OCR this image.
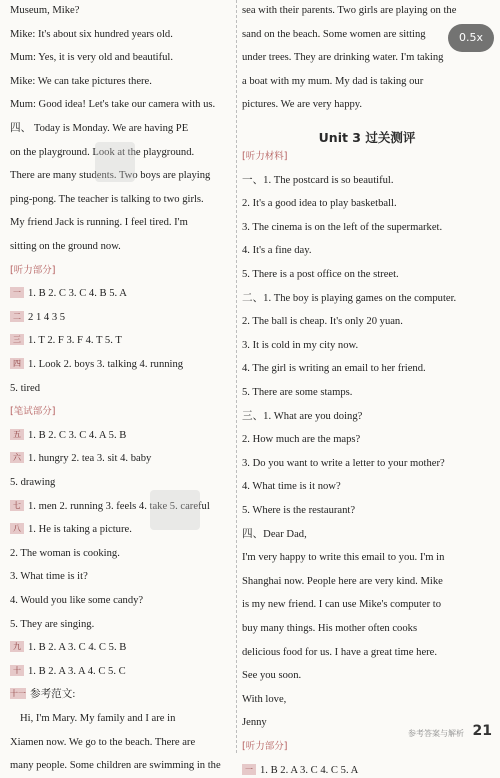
Museum, Mike?
Mike: It's about six hundred years old.
Mum: Yes, it is very old and beautiful.
Mike: We can take pictures there.
Mum: Good idea! Let's take our camera with us.
四、 Today is Monday. We are having PE
on the playground. Look at the playground.
There are many students. Two boys are playing
ping-pong. The teacher is talking to two girls.
My friend Jack is running. I feel tired. I'm
sitting on the ground now.
[听力部分]
一 1. B 2. C 3. C 4. B 5. A
二 2 1 4 3 5
三 1. T 2. F 3. F 4. T 5. T
四 1. Look 2. boys 3. talking 4. running
5. tired
[笔试部分]
五 1. B 2. C 3. C 4. A 5. B
六 1. hungry 2. tea 3. sit 4. baby
5. drawing
七 1. men 2. running 3. feels 4. take 5. careful
八 1. He is taking a picture.
2. The woman is cooking.
3. What time is it?
4. Would you like some candy?
5. They are singing.
九 1. B 2. A 3. C 4. C 5. B
十 1. B 2. A 3. A 4. C 5. C
十一 参考范文:
Hi, I'm Mary. My family and I are in
Xiamen now. We go to the beach. There are
many people. Some children are swimming in the
sea with their parents. Two girls are playing on the
sand on the beach. Some women are sitting
under trees. They are drinking water. I'm taking
a boat with my mum. My dad is taking our
pictures. We are very happy.
Unit 3 过关测评
[听力材料]
一、1. The postcard is so beautiful.
2. It's a good idea to play basketball.
3. The cinema is on the left of the supermarket.
4. It's a fine day.
5. There is a post office on the street.
二、1. The boy is playing games on the computer.
2. The ball is cheap. It's only 20 yuan.
3. It is cold in my city now.
4. The girl is writing an email to her friend.
5. There are some stamps.
三、1. What are you doing?
2. How much are the maps?
3. Do you want to write a letter to your mother?
4. What time is it now?
5. Where is the restaurant?
四、Dear Dad,
I'm very happy to write this email to you. I'm in
Shanghai now. People here are very kind. Mike
is my new friend. I can use Mike's computer to
buy many things. His mother often cooks
delicious food for us. I have a great time here.
See you soon.
With love,
Jenny
[听力部分]
一 1. B 2. A 3. C 4. C 5. A
0.5x
参考答案与解析 21
